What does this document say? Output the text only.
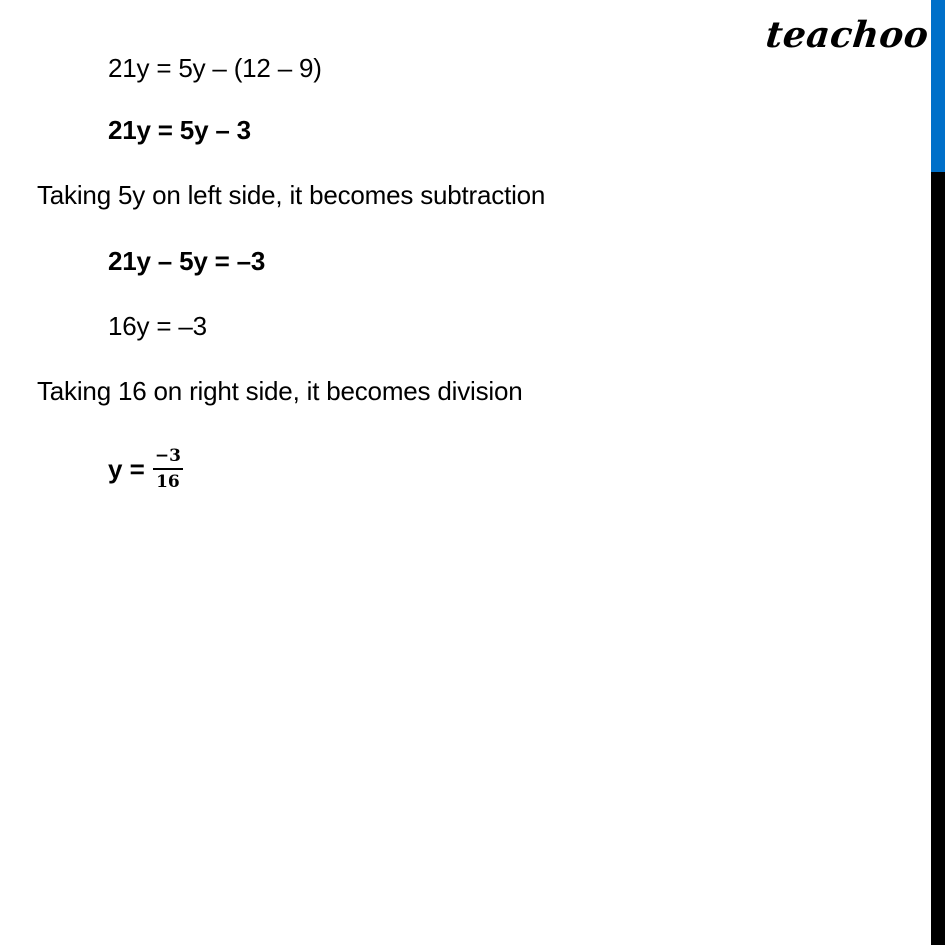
teachoo
21y = 5y – (12 – 9)
21y = 5y – 3
Taking 5y on left side, it becomes subtraction
21y – 5y = –3
16y = –3
Taking 16 on right side, it becomes division
$y = \frac{-3}{16}$
